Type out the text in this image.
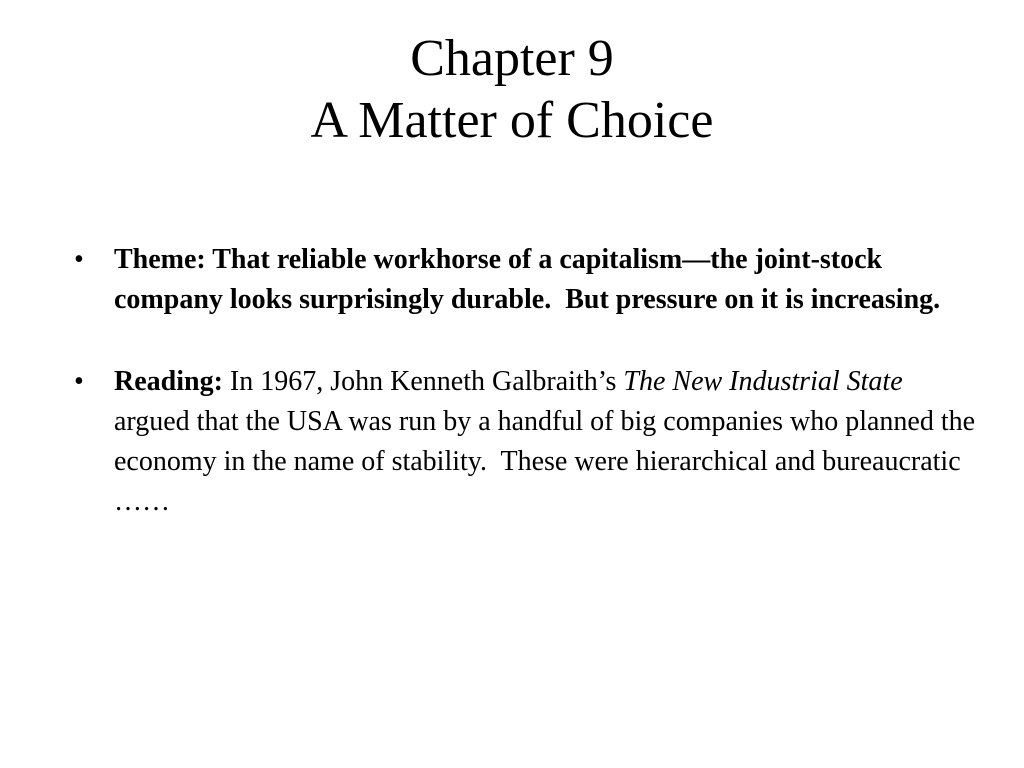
Chapter 9
A Matter of Choice
•	Theme: That reliable workhorse of a capitalism—the joint-stock company looks surprisingly durable.  But pressure on it is increasing.
•	Reading: In 1967, John Kenneth Galbraith’s The New Industrial State argued that the USA was run by a handful of big companies who planned the economy in the name of stability.  These were hierarchical and bureaucratic ……
